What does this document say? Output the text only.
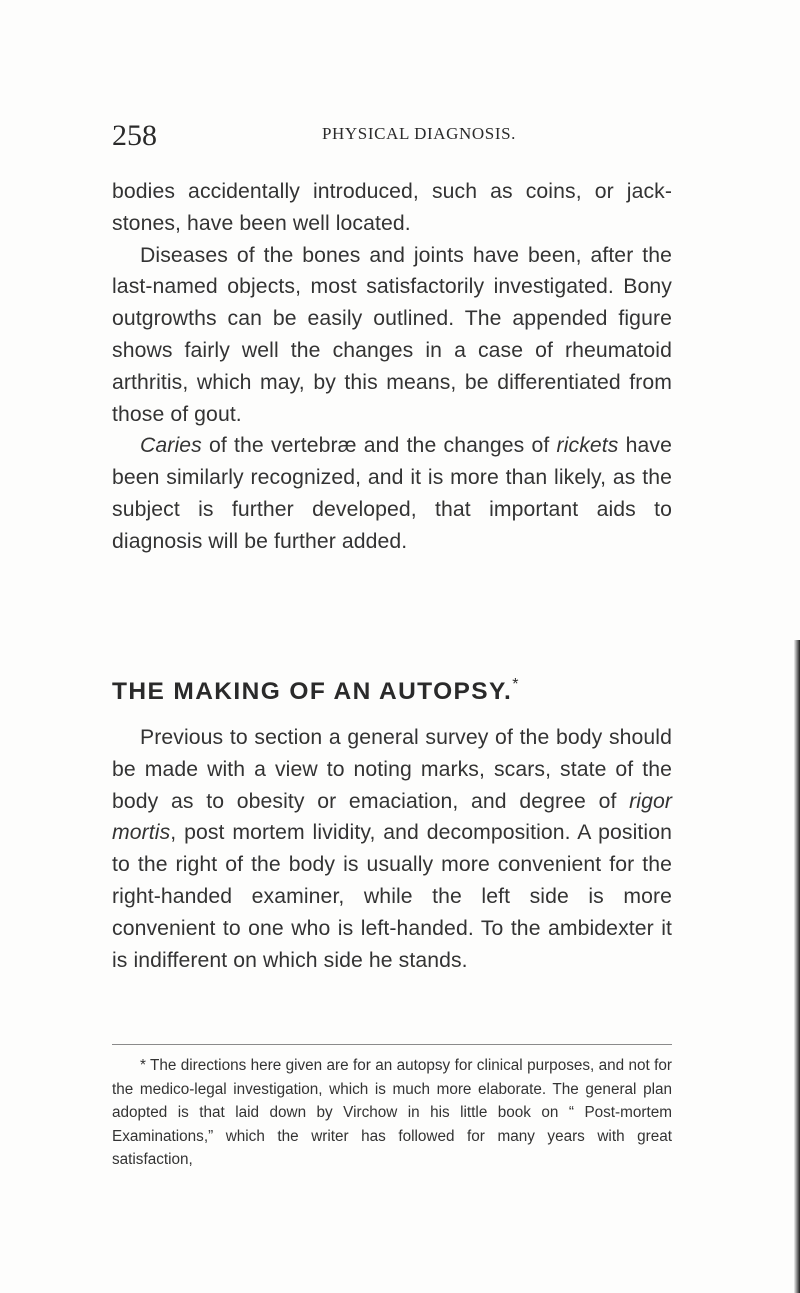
258	PHYSICAL DIAGNOSIS.

bodies accidentally introduced, such as coins, or jack-stones, have been well located.

Diseases of the bones and joints have been, after the last-named objects, most satisfactorily investigated. Bony outgrowths can be easily outlined. The appended figure shows fairly well the changes in a case of rheumatoid arthritis, which may, by this means, be differentiated from those of gout.

Caries of the vertebræ and the changes of rickets have been similarly recognized, and it is more than likely, as the subject is further developed, that important aids to diagnosis will be further added.

THE MAKING OF AN AUTOPSY.*

Previous to section a general survey of the body should be made with a view to noting marks, scars, state of the body as to obesity or emaciation, and degree of rigor mortis, post mortem lividity, and decomposition. A position to the right of the body is usually more convenient for the right-handed examiner, while the left side is more convenient to one who is left-handed. To the ambidexter it is indifferent on which side he stands.

* The directions here given are for an autopsy for clinical purposes, and not for the medico-legal investigation, which is much more elaborate. The general plan adopted is that laid down by Virchow in his little book on “ Post-mortem Examinations,” which the writer has followed for many years with great satisfaction,
